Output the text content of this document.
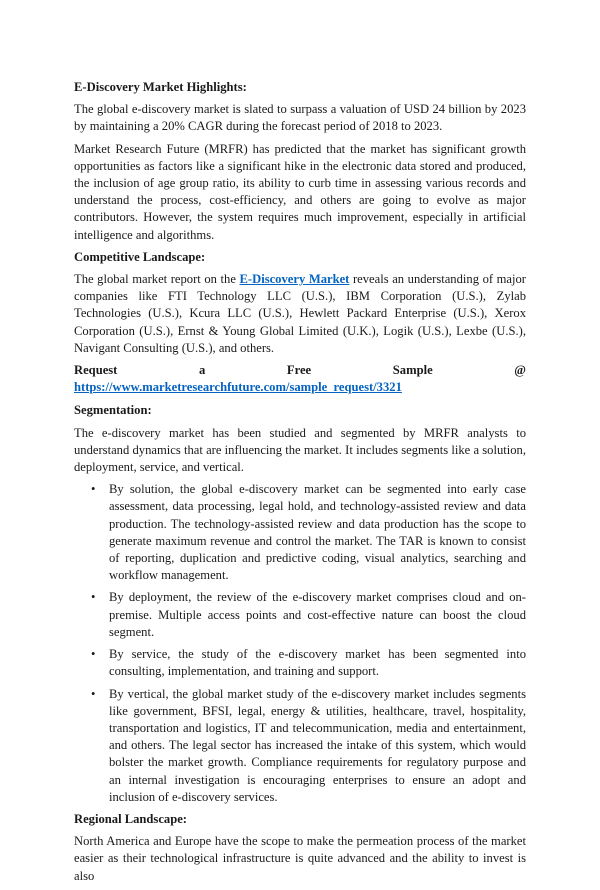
E-Discovery Market Highlights:

The global e-discovery market is slated to surpass a valuation of USD 24 billion by 2023 by maintaining a 20% CAGR during the forecast period of 2018 to 2023.

Market Research Future (MRFR) has predicted that the market has significant growth opportunities as factors like a significant hike in the electronic data stored and produced, the inclusion of age group ratio, its ability to curb time in assessing various records and understand the process, cost-efficiency, and others are going to evolve as major contributors. However, the system requires much improvement, especially in artificial intelligence and algorithms.

Competitive Landscape:

The global market report on the E-Discovery Market reveals an understanding of major companies like FTI Technology LLC (U.S.), IBM Corporation (U.S.), Zylab Technologies (U.S.), Kcura LLC (U.S.), Hewlett Packard Enterprise (U.S.), Xerox Corporation (U.S.), Ernst & Young Global Limited (U.K.), Logik (U.S.), Lexbe (U.S.), Navigant Consulting (U.S.), and others.

Request a Free Sample @ https://www.marketresearchfuture.com/sample_request/3321

Segmentation:

The e-discovery market has been studied and segmented by MRFR analysts to understand dynamics that are influencing the market. It includes segments like a solution, deployment, service, and vertical.

• By solution, the global e-discovery market can be segmented into early case assessment, data processing, legal hold, and technology-assisted review and data production. The technology-assisted review and data production has the scope to generate maximum revenue and control the market. The TAR is known to consist of reporting, duplication and predictive coding, visual analytics, searching and workflow management.
• By deployment, the review of the e-discovery market comprises cloud and on-premise. Multiple access points and cost-effective nature can boost the cloud segment.
• By service, the study of the e-discovery market has been segmented into consulting, implementation, and training and support.
• By vertical, the global market study of the e-discovery market includes segments like government, BFSI, legal, energy & utilities, healthcare, travel, hospitality, transportation and logistics, IT and telecommunication, media and entertainment, and others. The legal sector has increased the intake of this system, which would bolster the market growth. Compliance requirements for regulatory purpose and an internal investigation is encouraging enterprises to ensure an adopt and inclusion of e-discovery services.
Regional Landscape:

North America and Europe have the scope to make the permeation process of the market easier as their technological infrastructure is quite advanced and the ability to invest is also
